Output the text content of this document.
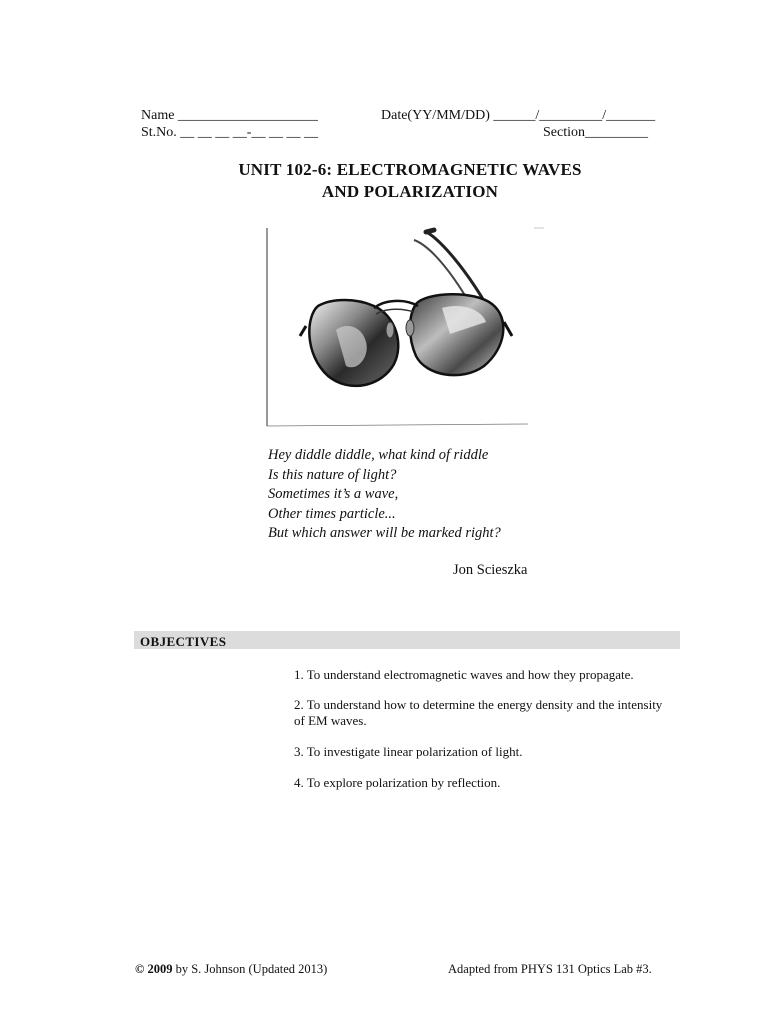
Name ____________________	Date(YY/MM/DD) ______/_________/_______
St.No. __ __ __ __-__ __ __ __	Section_________
UNIT 102-6: ELECTROMAGNETIC WAVES
AND POLARIZATION
Hey diddle diddle, what kind of riddle
Is this nature of light?
Sometimes it’s a wave,
Other times particle...
But which answer will be marked right?
Jon Scieszka
OBJECTIVES
1. To understand electromagnetic waves and how they propagate.
2. To understand how to determine the energy density and the intensity of EM waves.
3. To investigate linear polarization of light.
4. To explore polarization by reflection.
© 2009 by S. Johnson (Updated 2013)	Adapted from PHYS 131 Optics Lab #3.
